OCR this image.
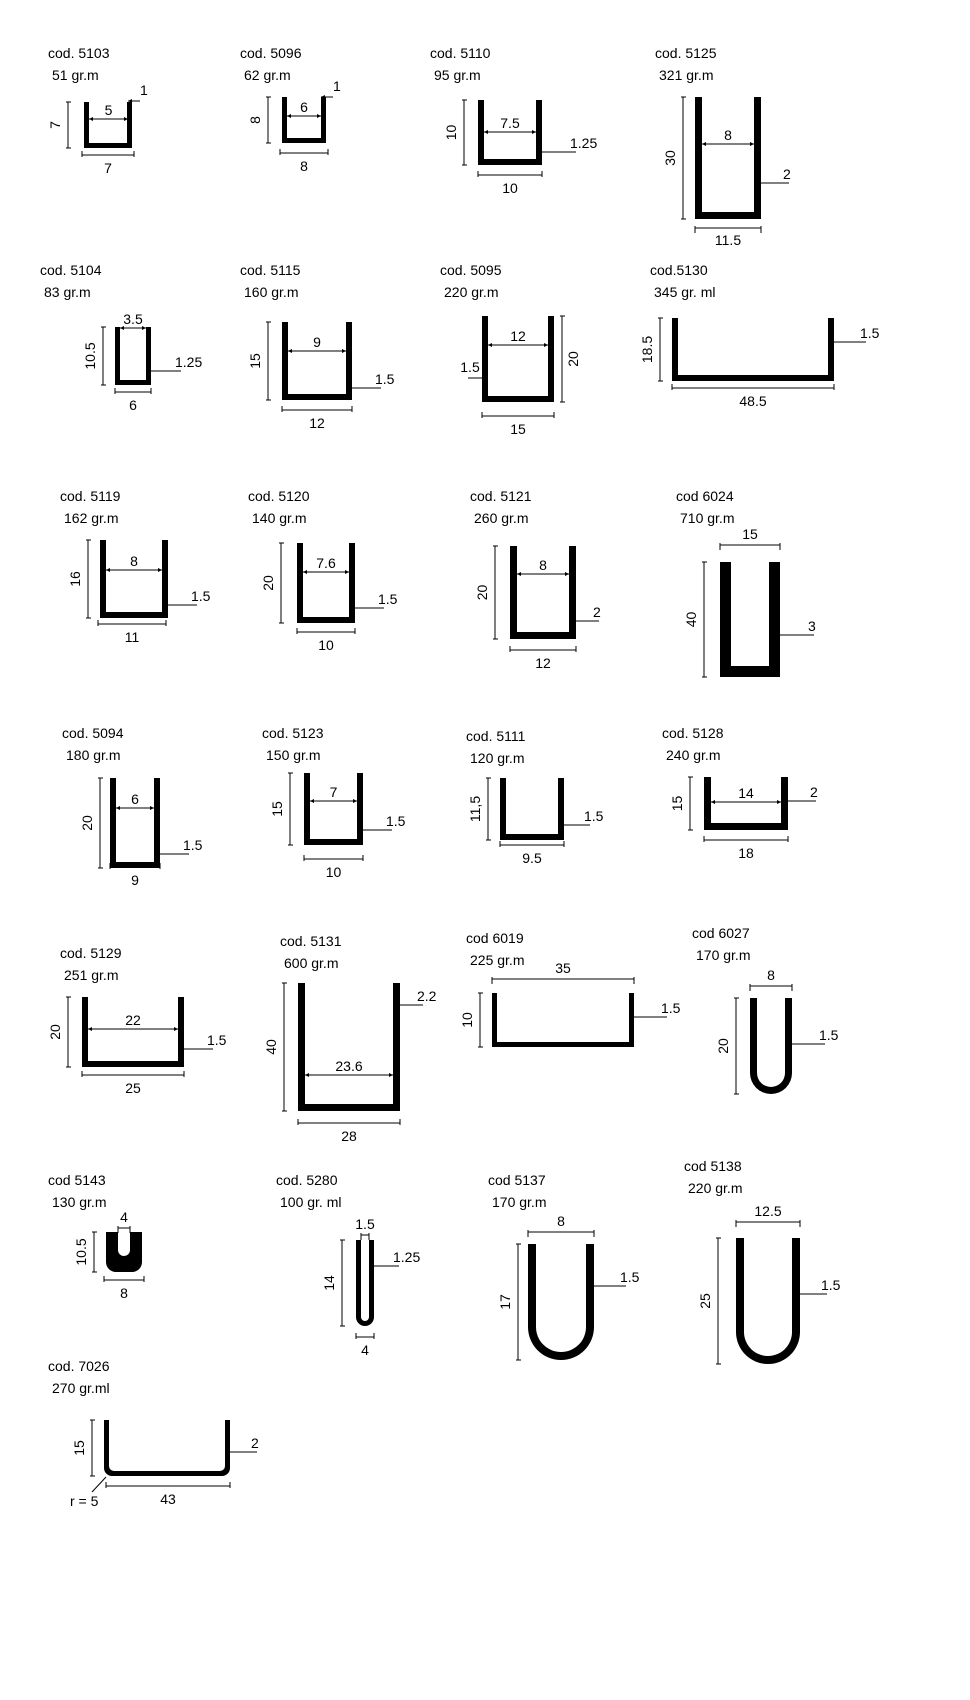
5
7
7
1
cod. 5103
51 gr.m
6
8
8
1
cod. 5096
62 gr.m
7.5
10
10
1.25
cod. 5110
95 gr.m
8
11.5
30
2
cod. 5125
321 gr.m
3.5
6
10.5	1.25
cod. 5104
83 gr.m
9
12
15
1.5
cod. 5115
160 gr.m
12
15
20
1.5
cod. 5095
220 gr.m
48.5
18.5
1.5
cod.5130
345 gr. ml
8
11
16
1.5
cod. 5119
162 gr.m
7.6
10
20
1.5
cod. 5120
140 gr.m
8
12
20
2
cod. 5121
260 gr.m
15
40	3
cod 6024
710 gr.m
6
9
20
1.5
cod. 5094
180 gr.m
7
10
15
1.5
cod. 5123
150 gr.m
9.5
11,5	1.5
cod. 5111
120 gr.m
14
18
15
2
cod. 5128
240 gr.m
22
25
20	1.5
cod. 5129
251 gr.m
23.6
28
40
2.2
cod. 5131
600 gr.m	35
10
1.5
cod 6019
225 gr.m
8
20
1.5
cod 6027
170 gr.m
4
8
10.5
cod 5143
130 gr.m
1.5
4
14
1.25
cod. 5280
100 gr. ml
8
17
1.5
cod 5137
170 gr.m
12.5
25
1.5
cod 5138
220 gr.m
43
15	2
r = 5
cod. 7026
270 gr.ml
